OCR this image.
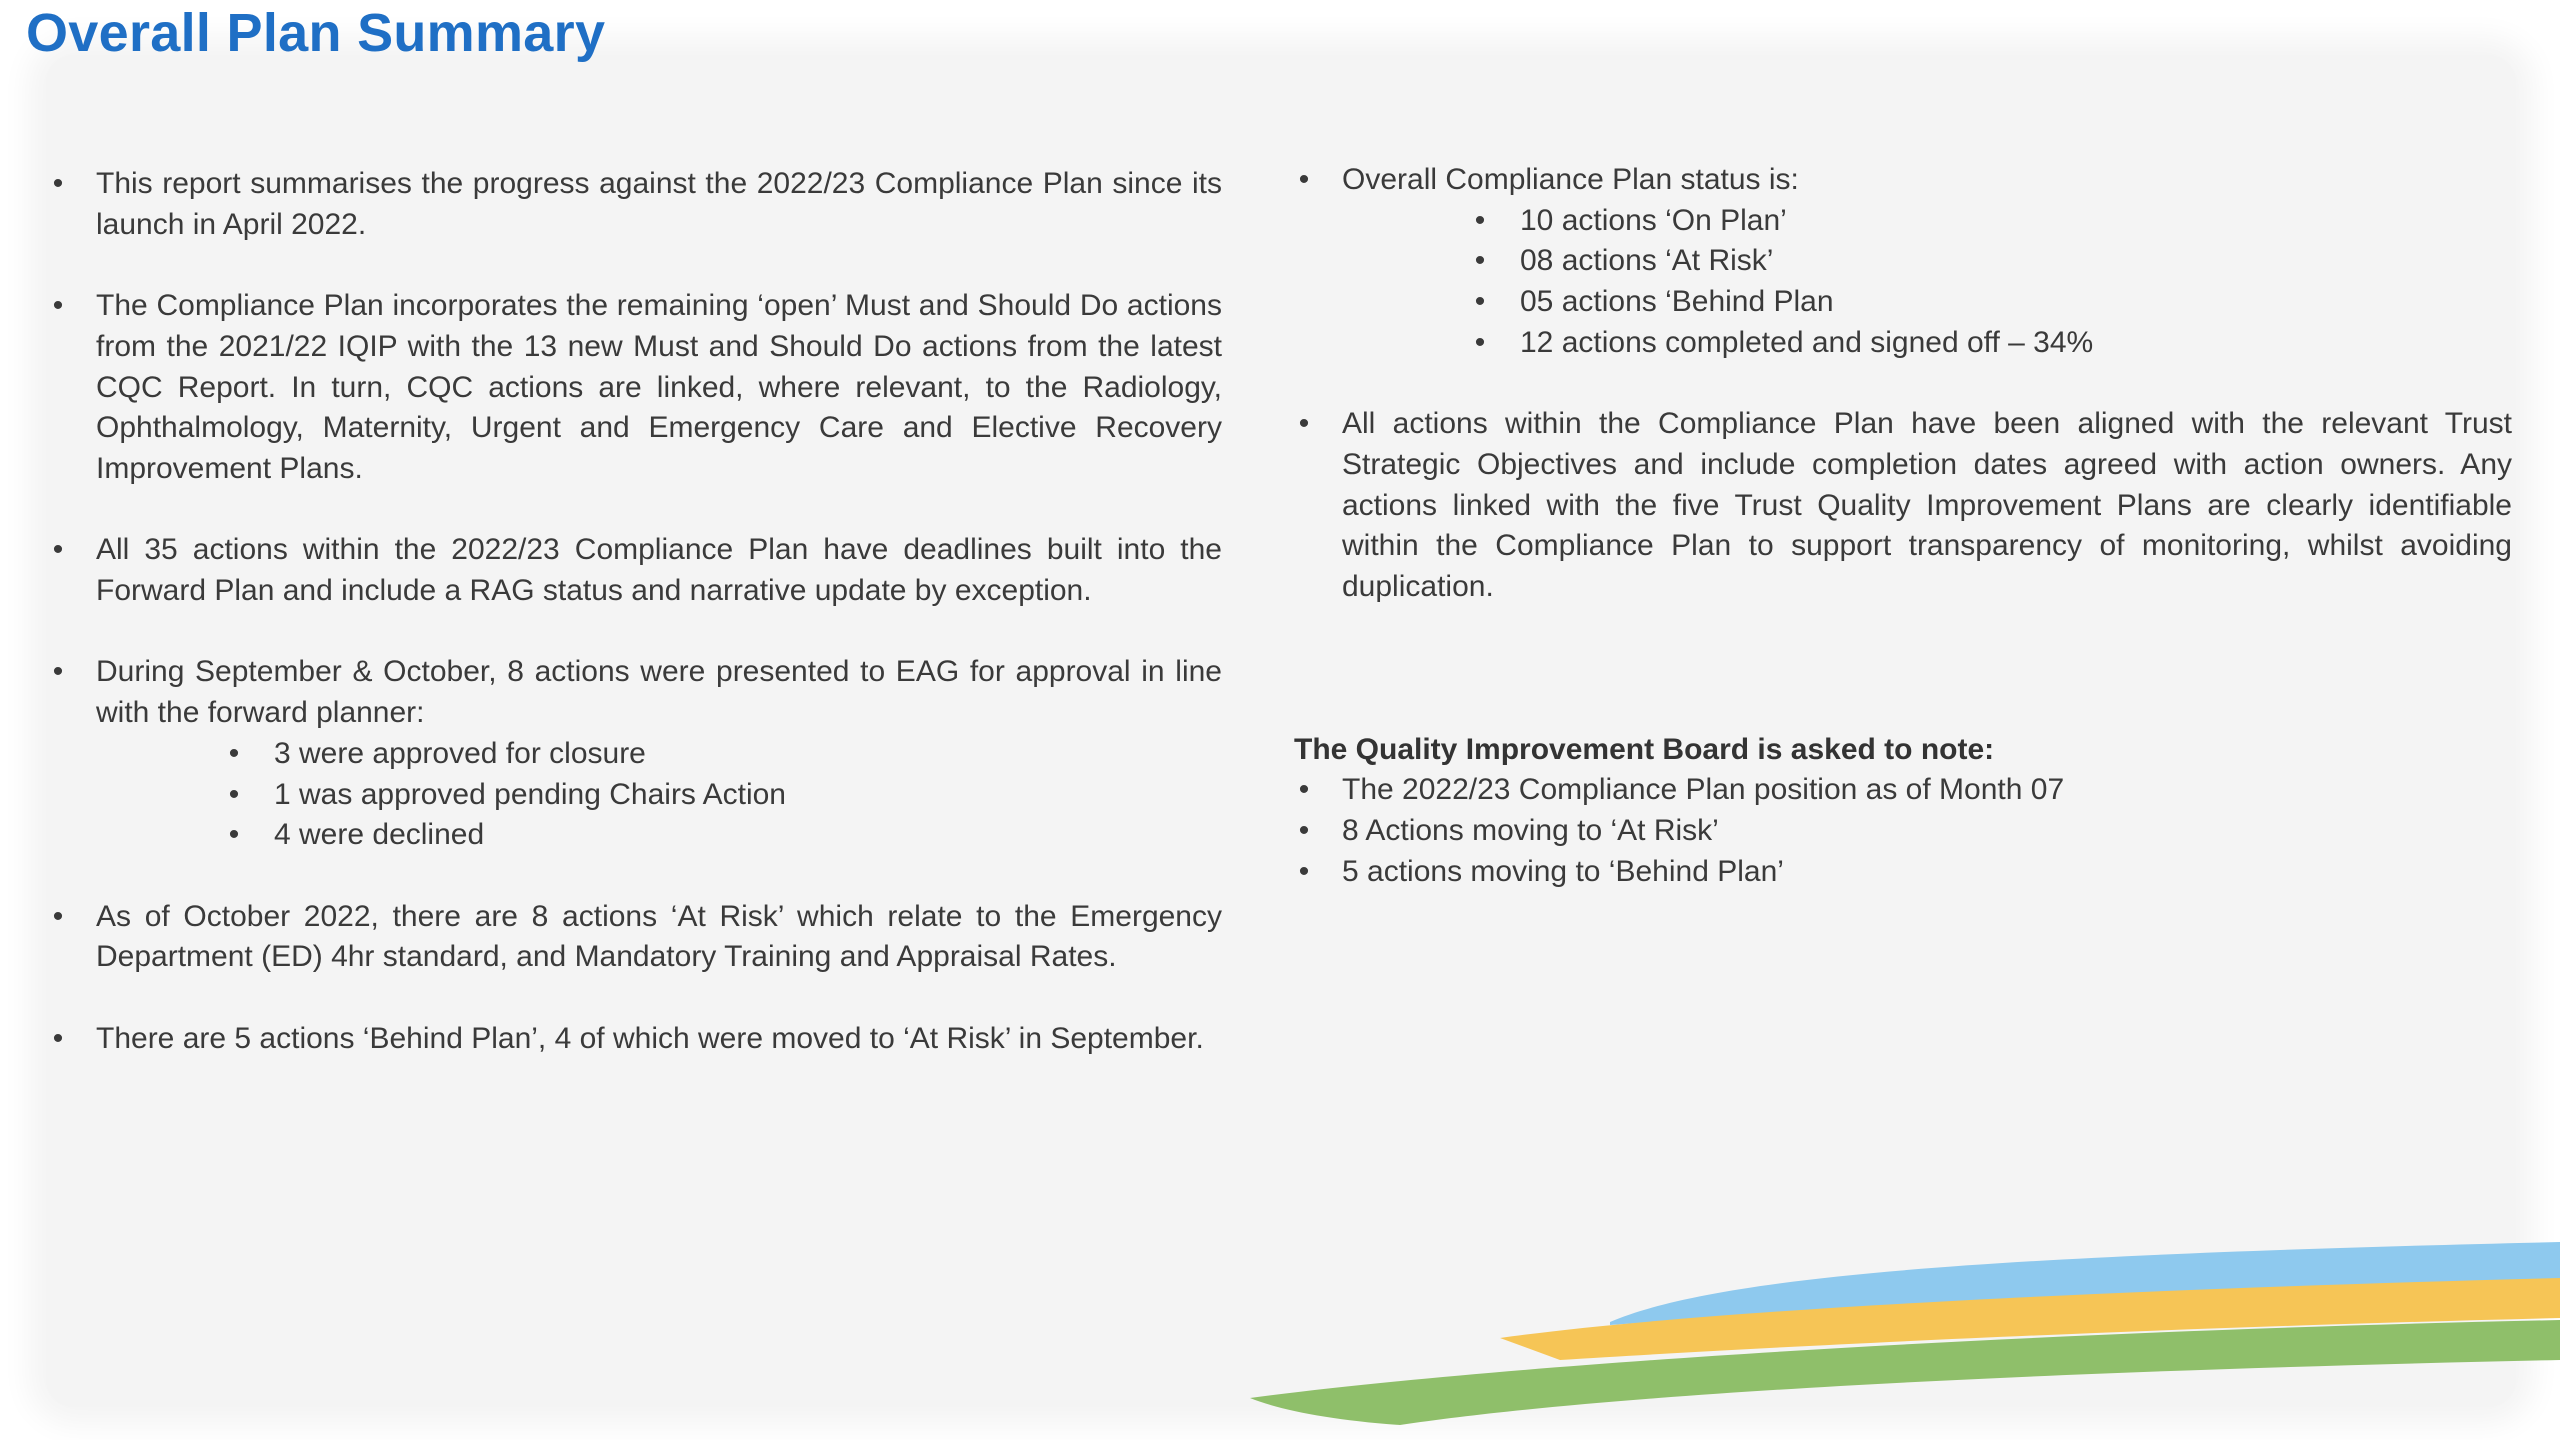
Overall Plan Summary
• This report summarises the progress against the 2022/23 Compliance Plan since its launch in April 2022.
• The Compliance Plan incorporates the remaining ‘open’ Must and Should Do actions from the 2021/22 IQIP with the 13 new Must and Should Do actions from the latest CQC Report. In turn, CQC actions are linked, where relevant, to the Radiology, Ophthalmology, Maternity, Urgent and Emergency Care and Elective Recovery Improvement Plans.
• All 35 actions within the 2022/23 Compliance Plan have deadlines built into the Forward Plan and include a RAG status and narrative update by exception.
• During September & October, 8 actions were presented to EAG for approval in line with the forward planner:
• 3 were approved for closure
• 1 was approved pending Chairs Action
• 4 were declined
• As of October 2022, there are 8 actions ‘At Risk’ which relate to the Emergency Department (ED) 4hr standard, and Mandatory Training and Appraisal Rates.
• There are 5 actions ‘Behind Plan’, 4 of which were moved to ‘At Risk’ in September.
• Overall Compliance Plan status is:
• 10 actions ‘On Plan’
• 08 actions ‘At Risk’
• 05 actions ‘Behind Plan
• 12 actions completed and signed off – 34%
• All actions within the Compliance Plan have been aligned with the relevant Trust Strategic Objectives and include completion dates agreed with action owners. Any actions linked with the five Trust Quality Improvement Plans are clearly identifiable within the Compliance Plan to support transparency of monitoring, whilst avoiding duplication.
The Quality Improvement Board is asked to note:
• The 2022/23 Compliance Plan position as of Month 07
• 8 Actions moving to ‘At Risk’
• 5 actions moving to ‘Behind Plan’
